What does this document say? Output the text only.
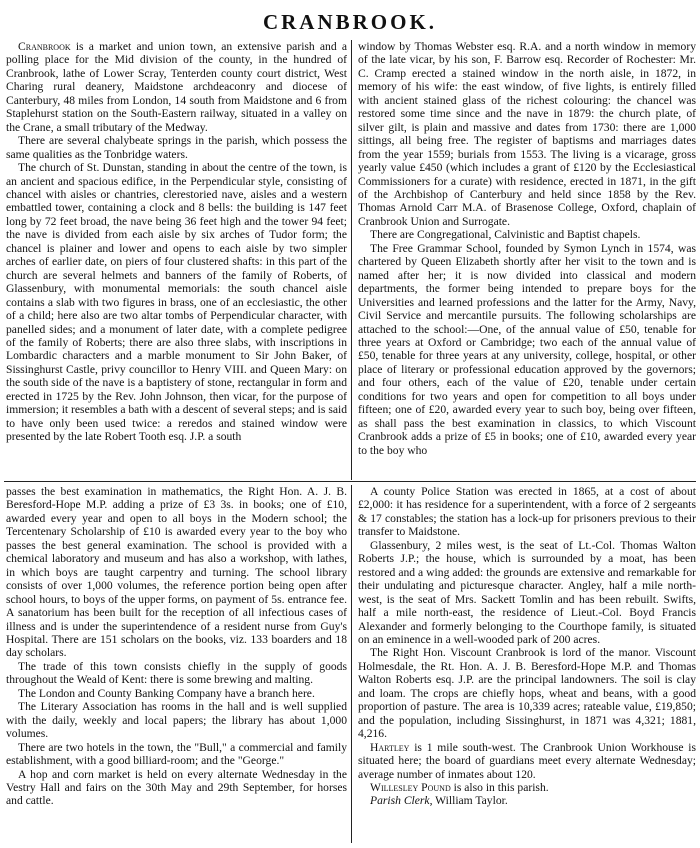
CRANBROOK.

Cranbrook is a market and union town, an extensive parish and a polling place for the Mid division of the county, in the hundred of Cranbrook, lathe of Lower Scray, Tenterden county court district, West Charing rural deanery, Maidstone archdeaconry and diocese of Canterbury, 48 miles from London, 14 south from Maidstone and 6 from Staplehurst station on the South-Eastern railway, situated in a valley on the Crane, a small tributary of the Medway.

There are several chalybeate springs in the parish, which possess the same qualities as the Tonbridge waters.

The church of St. Dunstan, standing in about the centre of the town, is an ancient and spacious edifice, in the Perpendicular style, consisting of chancel with aisles or chantries, clerestoried nave, aisles and a western embattled tower, containing a clock and 8 bells: the building is 147 feet long by 72 feet broad, the nave being 36 feet high and the tower 94 feet; the nave is divided from each aisle by six arches of Tudor form; the chancel is plainer and lower and opens to each aisle by two simpler arches of earlier date, on piers of four clustered shafts: in this part of the church are several helmets and banners of the family of Roberts, of Glassenbury, with monumental memorials: the south chancel aisle contains a slab with two figures in brass, one of an ecclesiastic, the other of a child; here also are two altar tombs of Perpendicular character, with panelled sides; and a monument of later date, with a complete pedigree of the family of Roberts; there are also three slabs, with inscriptions in Lombardic characters and a marble monument to Sir John Baker, of Sissinghurst Castle, privy councillor to Henry VIII. and Queen Mary: on the south side of the nave is a baptistery of stone, rectangular in form and erected in 1725 by the Rev. John Johnson, then vicar, for the purpose of immersion; it resembles a bath with a descent of several steps; and is said to have only been used twice: a reredos and stained window were presented by the late Robert Tooth esq. J.P. a south

window by Thomas Webster esq. R.A. and a north window in memory of the late vicar, by his son, F. Barrow esq. Recorder of Rochester: Mr. C. Cramp erected a stained window in the north aisle, in 1872, in memory of his wife: the east window, of five lights, is entirely filled with ancient stained glass of the richest colouring: the chancel was restored some time since and the nave in 1879: the church plate, of silver gilt, is plain and massive and dates from 1730: there are 1,000 sittings, all being free. The register of baptisms and marriages dates from the year 1559; burials from 1553. The living is a vicarage, gross yearly value £450 (which includes a grant of £120 by the Ecclesiastical Commissioners for a curate) with residence, erected in 1871, in the gift of the Archbishop of Canterbury and held since 1858 by the Rev. Thomas Arnold Carr M.A. of Brasenose College, Oxford, chaplain of Cranbrook Union and Surrogate.

There are Congregational, Calvinistic and Baptist chapels.

The Free Grammar School, founded by Symon Lynch in 1574, was chartered by Queen Elizabeth shortly after her visit to the town and is named after her; it is now divided into classical and modern departments, the former being intended to prepare boys for the Universities and learned professions and the latter for the Army, Navy, Civil Service and mercantile pursuits. The following scholarships are attached to the school:—One, of the annual value of £50, tenable for three years at Oxford or Cambridge; two each of the annual value of £50, tenable for three years at any university, college, hospital, or other place of literary or professional education approved by the governors; and four others, each of the value of £20, tenable under certain conditions for two years and open for competition to all boys under fifteen; one of £20, awarded every year to such boy, being over fifteen, as shall pass the best examination in classics, to which Viscount Cranbrook adds a prize of £5 in books; one of £10, awarded every year to the boy who

passes the best examination in mathematics, the Right Hon. A. J. B. Beresford-Hope M.P. adding a prize of £3 3s. in books; one of £10, awarded every year and open to all boys in the Modern school; the Tercentenary Scholarship of £10 is awarded every year to the boy who passes the best general examination. The school is provided with a chemical laboratory and museum and has also a workshop, with lathes, in which boys are taught carpentry and turning. The school library consists of over 1,000 volumes, the reference portion being open after school hours, to boys of the upper forms, on payment of 5s. entrance fee. A sanatorium has been built for the reception of all infectious cases of illness and is under the superintendence of a resident nurse from Guy's Hospital. There are 151 scholars on the books, viz. 133 boarders and 18 day scholars.

The trade of this town consists chiefly in the supply of goods throughout the Weald of Kent: there is some brewing and malting.

The London and County Banking Company have a branch here.

The Literary Association has rooms in the hall and is well supplied with the daily, weekly and local papers; the library has about 1,000 volumes.

There are two hotels in the town, the "Bull," a commercial and family establishment, with a good billiard-room; and the "George."

A hop and corn market is held on every alternate Wednesday in the Vestry Hall and fairs on the 30th May and 29th September, for horses and cattle.

A county Police Station was erected in 1865, at a cost of about £2,000: it has residence for a superintendent, with a force of 2 sergeants & 17 constables; the station has a lock-up for prisoners previous to their transfer to Maidstone.

Glassenbury, 2 miles west, is the seat of Lt.-Col. Thomas Walton Roberts J.P.; the house, which is surrounded by a moat, has been restored and a wing added: the grounds are extensive and remarkable for their undulating and picturesque character. Angley, half a mile north-west, is the seat of Mrs. Sackett Tomlin and has been rebuilt. Swifts, half a mile north-east, the residence of Lieut.-Col. Boyd Francis Alexander and formerly belonging to the Courthope family, is situated on an eminence in a well-wooded park of 200 acres.

The Right Hon. Viscount Cranbrook is lord of the manor. Viscount Holmesdale, the Rt. Hon. A. J. B. Beresford-Hope M.P. and Thomas Walton Roberts esq. J.P. are the principal landowners. The soil is clay and loam. The crops are chiefly hops, wheat and beans, with a good proportion of pasture. The area is 10,339 acres; rateable value, £19,850; and the population, including Sissinghurst, in 1871 was 4,321; 1881, 4,216.

Hartley is 1 mile south-west. The Cranbrook Union Workhouse is situated here; the board of guardians meet every alternate Wednesday; average number of inmates about 120.

Willesley Pound is also in this parish.

Parish Clerk, William Taylor.
